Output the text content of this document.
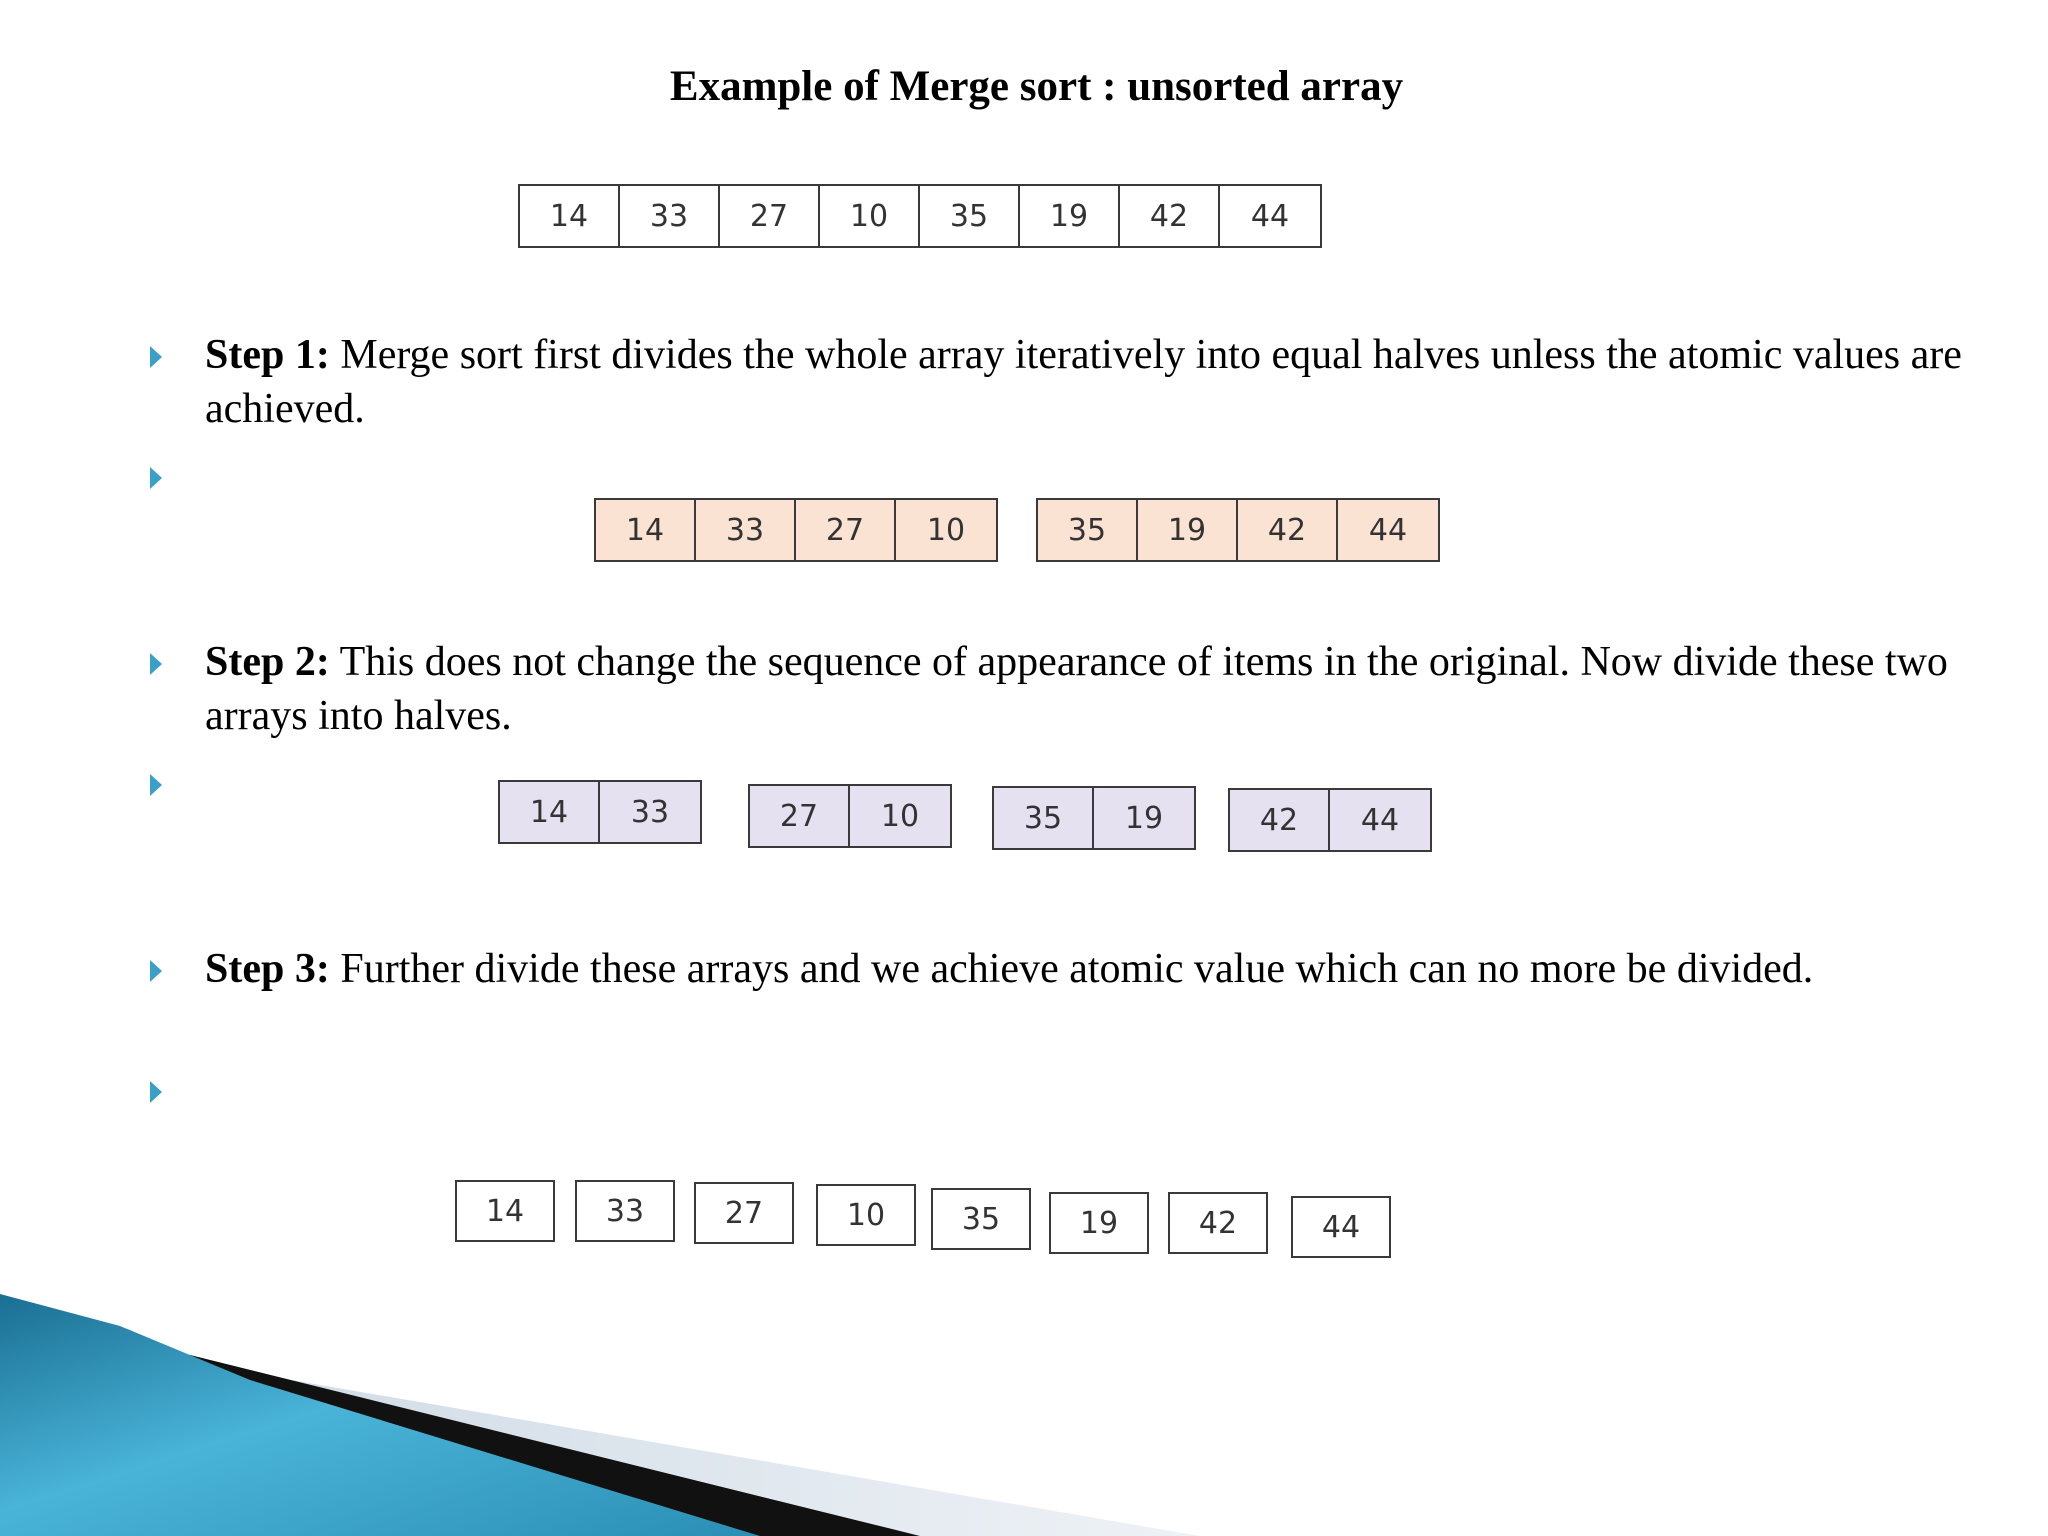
Example of Merge sort : unsorted array
14	33	27	10	35	19	42	44
Step 1: Merge sort first divides the whole array iteratively into equal halves unless the atomic values are achieved.
14	33	27	10	35	19	42	44
Step 2: This does not change the sequence of appearance of items in the original. Now divide these two arrays into halves.
14	33	27	10	35	19	42	44
Step 3: Further divide these arrays and we achieve atomic value which can no more be divided.
14	33	27	10	35	19	42	44
